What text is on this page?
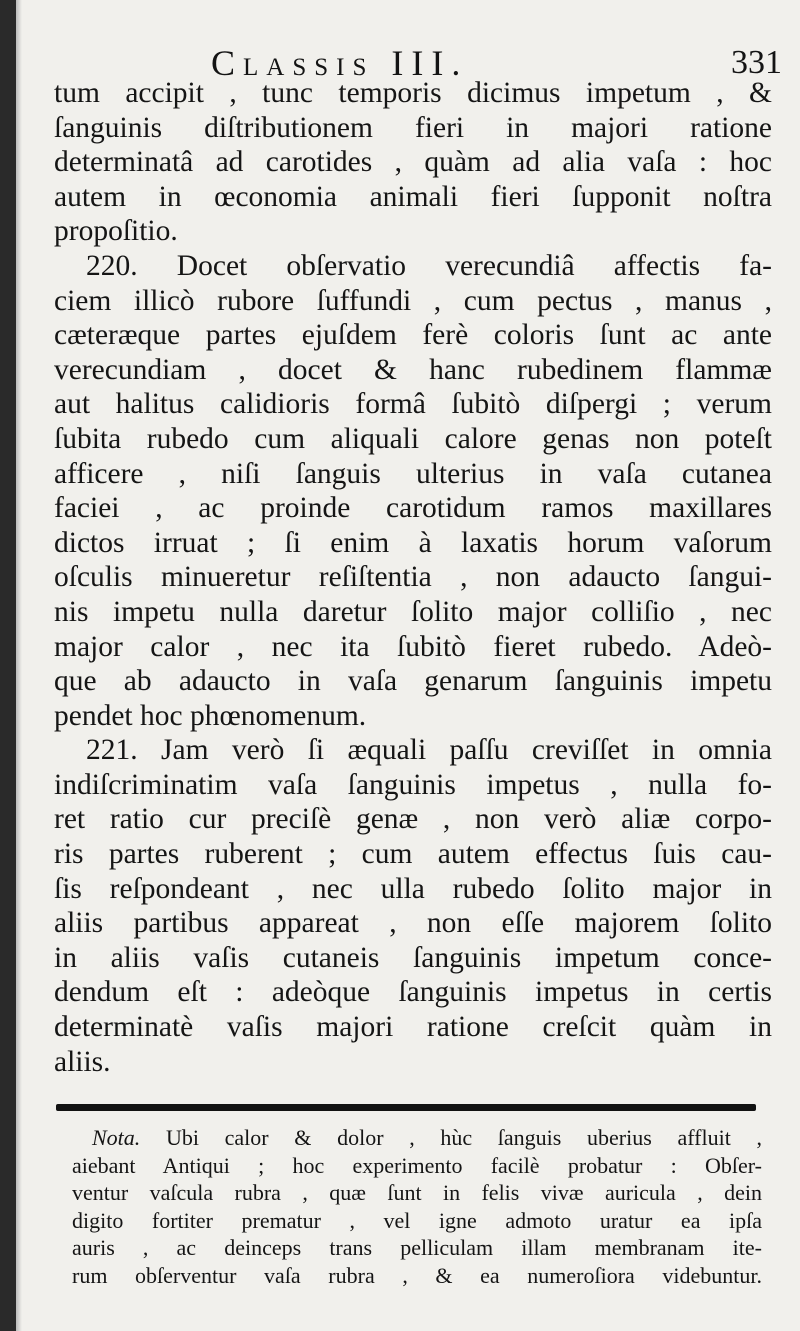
Classis III.	331
tum accipit , tunc temporis dicimus impetum , &
ſanguinis diſtributionem fieri in majori ratione
determinatâ ad carotides , quàm ad alia vaſa : hoc
autem in œconomia animali fieri ſupponit noſtra
propoſitio.
220. Docet obſervatio verecundiâ affectis fa-
ciem illicò rubore ſuffundi , cum pectus , manus ,
cæteræque partes ejuſdem ferè coloris ſunt ac ante
verecundiam , docet & hanc rubedinem flammæ
aut halitus calidioris formâ ſubitò diſpergi ; verum
ſubita rubedo cum aliquali calore genas non poteſt
afficere , niſi ſanguis ulterius in vaſa cutanea
faciei , ac proinde carotidum ramos maxillares
dictos irruat ; ſi enim à laxatis horum vaſorum
oſculis minueretur reſiſtentia , non adaucto ſangui-
nis impetu nulla daretur ſolito major colliſio , nec
major calor , nec ita ſubitò fieret rubedo. Adeò-
que ab adaucto in vaſa genarum ſanguinis impetu
pendet hoc phœnomenum.
221. Jam verò ſi æquali paſſu creviſſet in omnia
indiſcriminatim vaſa ſanguinis impetus , nulla fo-
ret ratio cur preciſè genæ , non verò aliæ corpo-
ris partes ruberent ; cum autem effectus ſuis cau-
ſis reſpondeant , nec ulla rubedo ſolito major in
aliis partibus appareat , non eſſe majorem ſolito
in aliis vaſis cutaneis ſanguinis impetum conce-
dendum eſt : adeòque ſanguinis impetus in certis
determinatè vaſis majori ratione creſcit quàm in
aliis.
Nota. Ubi calor & dolor , hùc ſanguis uberius affluit ,
aiebant Antiqui ; hoc experimento facilè probatur : Obſer-
ventur vaſcula rubra , quæ ſunt in felis vivæ auricula , dein
digito fortiter prematur , vel igne admoto uratur ea ipſa
auris , ac deinceps trans pelliculam illam membranam ite-
rum obſerventur vaſa rubra , & ea numeroſiora videbuntur.
